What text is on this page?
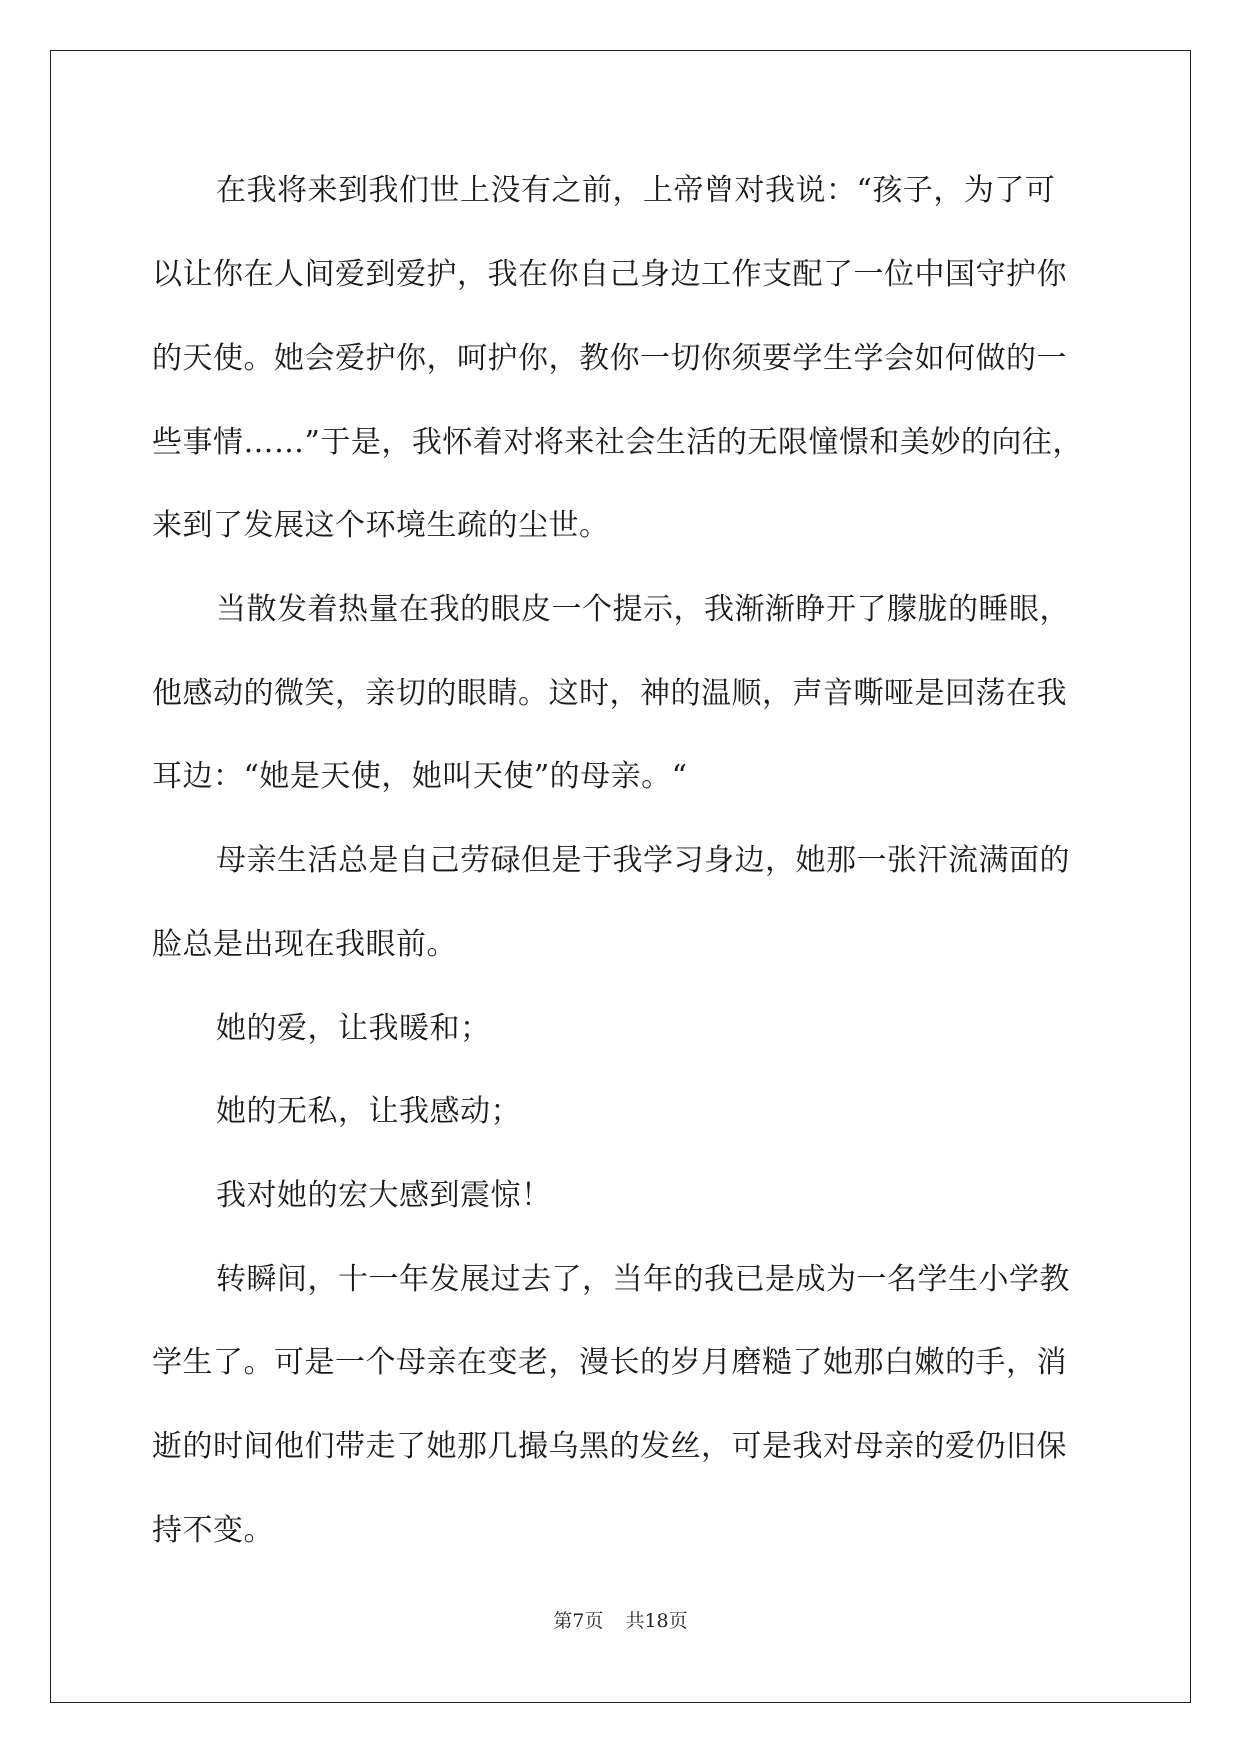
在我将来到我们世上没有之前，上帝曾对我说：“孩子，为了可
以让你在人间爱到爱护，我在你自己身边工作支配了一位中国守护你
的天使。她会爱护你，呵护你，教你一切你须要学生学会如何做的一
些事情……”于是，我怀着对将来社会生活的无限憧憬和美妙的向往，
来到了发展这个环境生疏的尘世。
当散发着热量在我的眼皮一个提示，我渐渐睁开了朦胧的睡眼，
他感动的微笑，亲切的眼睛。这时，神的温顺，声音嘶哑是回荡在我
耳边：“她是天使，她叫天使”的母亲。“
母亲生活总是自己劳碌但是于我学习身边，她那一张汗流满面的
脸总是出现在我眼前。
她的爱，让我暖和；
她的无私，让我感动；
我对她的宏大感到震惊！
转瞬间，十一年发展过去了，当年的我已是成为一名学生小学教
学生了。可是一个母亲在变老，漫长的岁月磨糙了她那白嫩的手，消
逝的时间他们带走了她那几撮乌黑的发丝，可是我对母亲的爱仍旧保
持不变。
第7页 共18页
